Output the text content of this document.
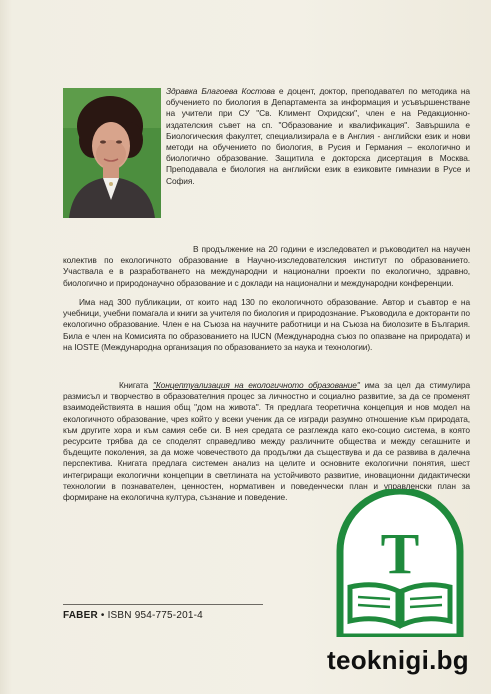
Здравка Благоева Костова е доцент, доктор, преподавател по методика на обучението по биология в Департамента за информация и усъвършенстване на учители при СУ "Св. Климент Охридски", член е на Редакционно-издателския съвет на сп. "Образование и квалификация". Завършила е Биологическия факултет, специализирала е в Англия - английски език и нови методи на обучението по биология, в Русия и Германия – екологично и биологично образование. Защитила е докторска дисертация в Москва. Преподавала е биология на английски език в езиковите гимназии в Русе и София.
В продължение на 20 години е изследовател и ръководител на научен колектив по екологичното образование в Научно-изследователския институт по образованието. Участвала е в разработването на международни и национални проекти по екологично, здравно, биологично и природонаучно образование и с доклади на национални и международни конференции.
Има над 300 публикации, от които над 130 по екологичното образование. Автор и съавтор е на учебници, учебни помагала и книги за учителя по биология и природознание. Ръководила е докторанти по екологично образование. Член е на Съюза на научните работници и на Съюза на биолозите в България. Била е член на Комисията по образованието на IUCN (Международна съюз по опазване на природата) и на IOSTE (Международна организация по образованието за наука и технологии).
Книгата "Концептуализация на екологичното образование" има за цел да стимулира размисъл и творчество в образователния процес за личностно и социално развитие, за да се променят взаимодействията в нашия общ "дом на живота". Тя предлага теоретична концепция и нов модел на екологичното образование, чрез който у всеки ученик да се изгради разумно отношение към природата, към другите хора и към самия себе си. В нея средата се разглежда като еко-социо система, в която ресурсите трябва да се споделят справедливо между различните общества и между сегашните и бъдещите поколения, за да може човечеството да продължи да съществува и да се развива в далечна перспектива. Книгата предлага системен анализ на целите и основните екологични понятия, шест интегриращи екологични концепции в светлината на устойчивото развитие, иновационни дидактически технологии в познавателен, ценностен, нормативен и поведенчески план и управленски план за формиране на екологична култура, съзнание и поведение.
FABER • ISBN 954-775-201-4
T
teoknigi.bg
